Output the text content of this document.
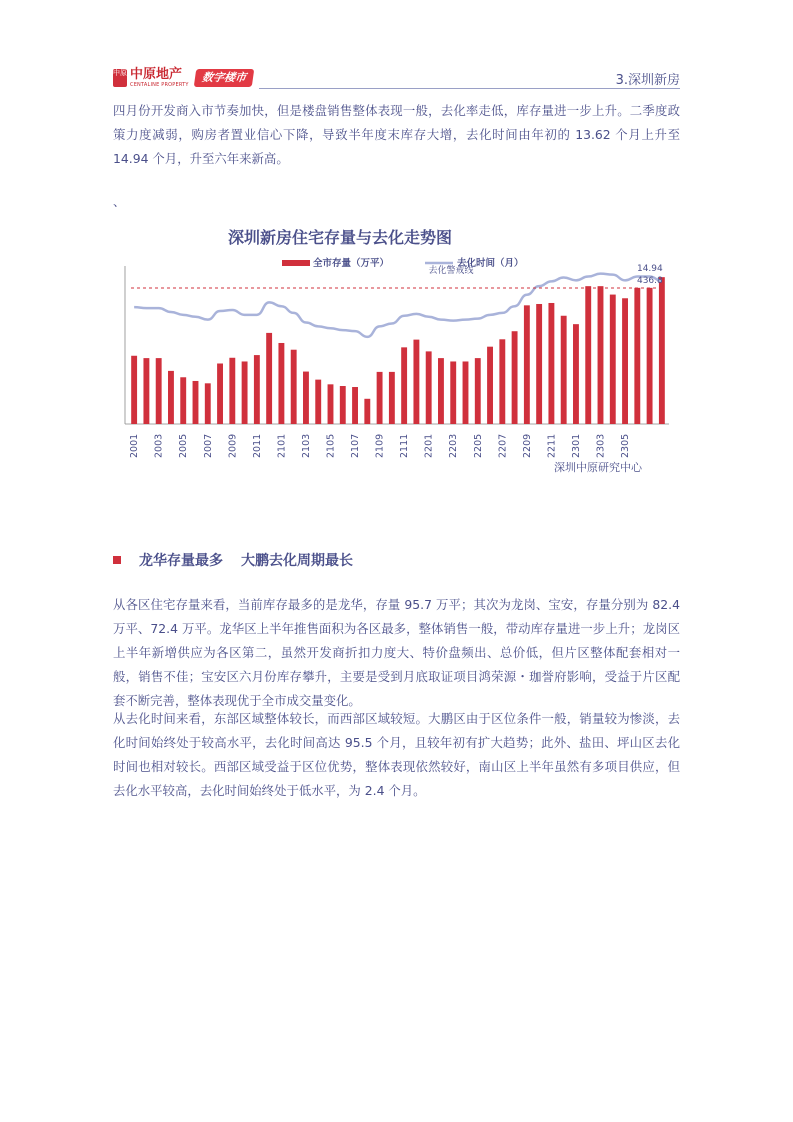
中原 中原地产
CENTALINE PROPERTY
数字楼市	3.深圳新房

四月份开发商入市节奏加快，但是楼盘销售整体表现一般，去化率走低，库存量进一步上升。二季度政策力度减弱，购房者置业信心下降，导致半年度末库存大增，去化时间由年初的 13.62 个月上升至 14.94 个月，升至六年来新高。

、
深圳新房住宅存量与去化走势图
全市存量（万平）	去化时间（月）
2001 2003 2005 2007 2009 2011 2101 2103 2105 2107 2109 2111 2201 2203 2205 2207 2209 2211 2301 2303 2305
去化警戒线	14.94
436.8
深圳中原研究中心
龙华存量最多 大鹏去化周期最长

从各区住宅存量来看，当前库存最多的是龙华，存量 95.7 万平；其次为龙岗、宝安，存量分别为 82.4 万平、72.4 万平。龙华区上半年推售面积为各区最多，整体销售一般，带动库存量进一步上升；龙岗区上半年新增供应为各区第二，虽然开发商折扣力度大、特价盘频出、总价低，但片区整体配套相对一般，销售不佳；宝安区六月份库存攀升，主要是受到月底取证项目鸿荣源・珈誉府影响，受益于片区配套不断完善，整体表现优于全市成交量变化。

从去化时间来看，东部区域整体较长，而西部区域较短。大鹏区由于区位条件一般，销量较为惨淡，去化时间始终处于较高水平，去化时间高达 95.5 个月，且较年初有扩大趋势；此外、盐田、坪山区去化时间也相对较长。西部区域受益于区位优势，整体表现依然较好，南山区上半年虽然有多项目供应，但去化水平较高，去化时间始终处于低水平，为 2.4 个月。
